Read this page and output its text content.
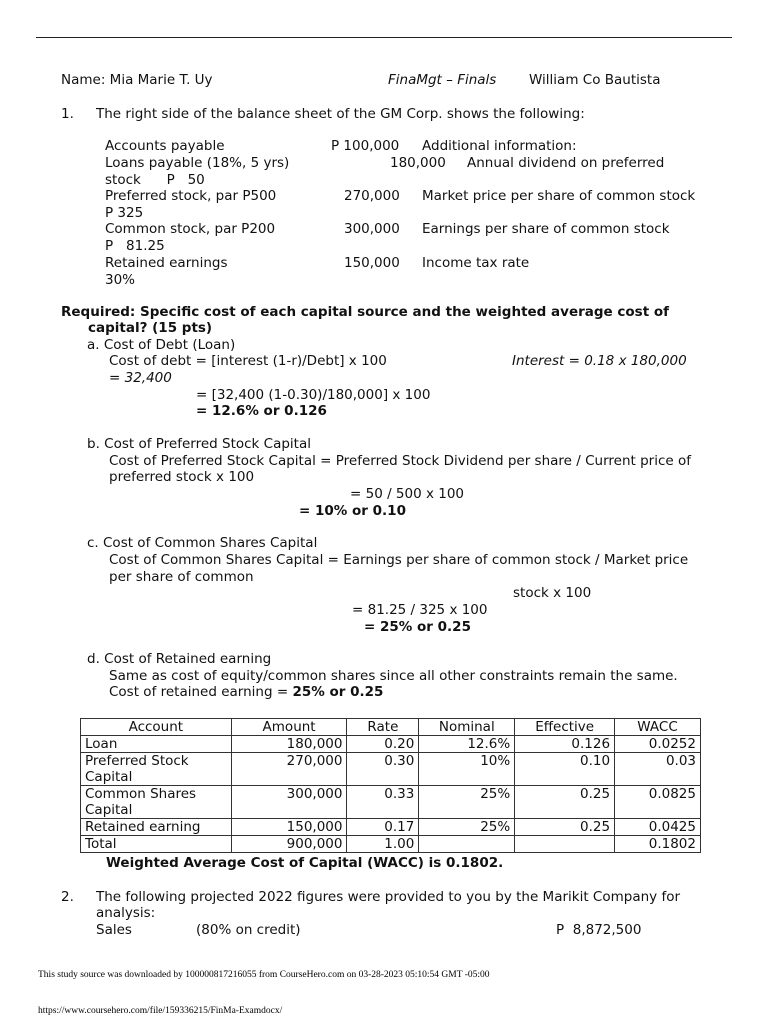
Name: Mia Marie T. Uy	FinaMgt – Finals William Co Bautista
1. The right side of the balance sheet of the GM Corp. shows the following:
Accounts payable	P 100,000 Additional information:
Loans payable (18%, 5 yrs)	180,000 Annual dividend on preferred
stock      P   50
Preferred stock, par P500	270,000 Market price per share of common stock
P 325
Common stock, par P200	300,000 Earnings per share of common stock
P   81.25
Retained earnings	150,000 Income tax rate
30%
Required: Specific cost of each capital source and the weighted average cost of
capital? (15 pts)
a. Cost of Debt (Loan)
Cost of debt = [interest (1-r)/Debt] x 100	Interest = 0.18 x 180,000
= 32,400
= [32,400 (1-0.30)/180,000] x 100
= 12.6% or 0.126
b. Cost of Preferred Stock Capital
Cost of Preferred Stock Capital = Preferred Stock Dividend per share / Current price of
preferred stock x 100
= 50 / 500 x 100
= 10% or 0.10
c. Cost of Common Shares Capital
Cost of Common Shares Capital = Earnings per share of common stock / Market price
per share of common
stock x 100
= 81.25 / 325 x 100
= 25% or 0.25
d. Cost of Retained earning
Same as cost of equity/common shares since all other constraints remain the same.
Cost of retained earning = 25% or 0.25
Account	Amount	Rate	Nominal	Effective	WACC
Loan	180,000	0.20	12.6%	0.126	0.0252
Preferred Stock Capital	270,000	0.30	10%	0.10	0.03
Common Shares Capital	300,000	0.33	25%	0.25	0.0825
Retained earning	150,000	0.17	25%	0.25	0.0425
Total	900,000	1.00			0.1802
Weighted Average Cost of Capital (WACC) is 0.1802.
2. The following projected 2022 figures were provided to you by the Marikit Company for
analysis:
Sales	(80% on credit)	P  8,872,500
This study source was downloaded by 100000817216055 from CourseHero.com on 03-28-2023 05:10:54 GMT -05:00
https://www.coursehero.com/file/159336215/FinMa-Examdocx/
